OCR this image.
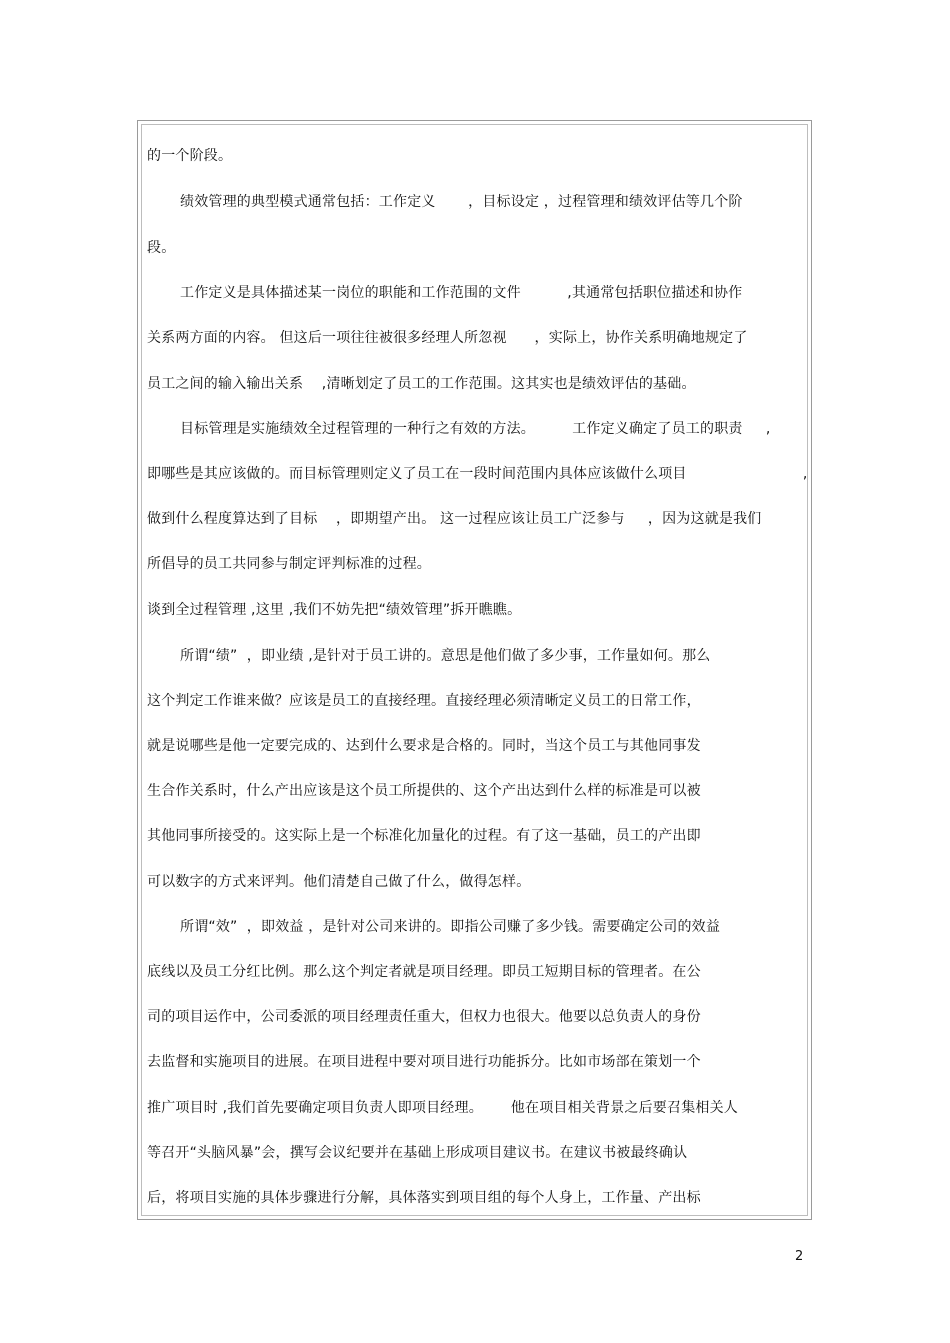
的一个阶段。
绩效管理的典型模式通常包括：工作定义       ，目标设定 ，过程管理和绩效评估等几个阶
段。
工作定义是具体描述某一岗位的职能和工作范围的文件          ,其通常包括职位描述和协作
关系两方面的内容。 但这后一项往往被很多经理人所忽视      ，实际上，协作关系明确地规定了
员工之间的输入输出关系    ,清晰划定了员工的工作范围。这其实也是绩效评估的基础。
目标管理是实施绩效全过程管理的一种行之有效的方法。        工作定义确定了员工的职责     ,
即哪些是其应该做的。而目标管理则定义了员工在一段时间范围内具体应该做什么项目                         ,
做到什么程度算达到了目标    ，即期望产出。 这一过程应该让员工广泛参与     ，因为这就是我们
所倡导的员工共同参与制定评判标准的过程。
谈到全过程管理 ,这里 ,我们不妨先把“绩效管理”拆开瞧瞧。
所谓“绩”  ，即业绩 ,是针对于员工讲的。意思是他们做了多少事，工作量如何。那么
这个判定工作谁来做？应该是员工的直接经理。直接经理必须清晰定义员工的日常工作，
就是说哪些是他一定要完成的、达到什么要求是合格的。同时，当这个员工与其他同事发
生合作关系时，什么产出应该是这个员工所提供的、这个产出达到什么样的标准是可以被
其他同事所接受的。这实际上是一个标准化加量化的过程。有了这一基础，员工的产出即
可以数字的方式来评判。他们清楚自己做了什么，做得怎样。
所谓“效”  ，即效益 ，是针对公司来讲的。即指公司赚了多少钱。需要确定公司的效益
底线以及员工分红比例。那么这个判定者就是项目经理。即员工短期目标的管理者。在公
司的项目运作中，公司委派的项目经理责任重大，但权力也很大。他要以总负责人的身份
去监督和实施项目的进展。在项目进程中要对项目进行功能拆分。比如市场部在策划一个
推广项目时 ,我们首先要确定项目负责人即项目经理。      他在项目相关背景之后要召集相关人
等召开“头脑风暴”会，撰写会议纪要并在基础上形成项目建议书。在建议书被最终确认
后，将项目实施的具体步骤进行分解，具体落实到项目组的每个人身上，工作量、产出标
2
